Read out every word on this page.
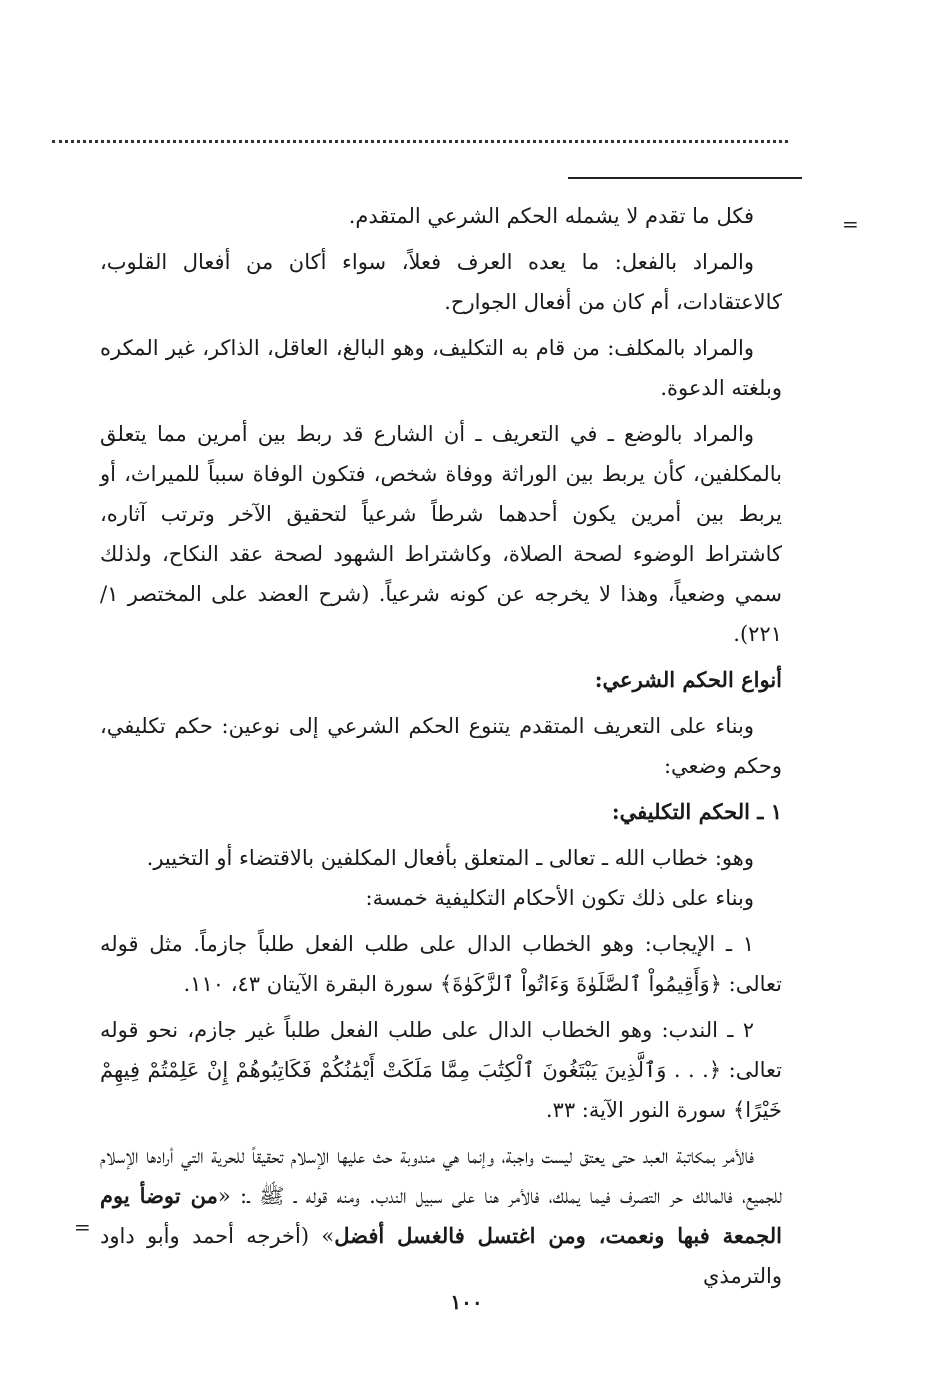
=

فكل ما تقدم لا يشمله الحكم الشرعي المتقدم.

والمراد بالفعل: ما يعده العرف فعلاً، سواء أكان من أفعال القلوب، كالاعتقادات، أم كان من أفعال الجوارح.

والمراد بالمكلف: من قام به التكليف، وهو البالغ، العاقل، الذاكر، غير المكره وبلغته الدعوة.

والمراد بالوضع ـ في التعريف ـ أن الشارع قد ربط بين أمرين مما يتعلق بالمكلفين، كأن يربط بين الوراثة ووفاة شخص، فتكون الوفاة سبباً للميراث، أو يربط بين أمرين يكون أحدهما شرطاً شرعياً لتحقيق الآخر وترتب آثاره، كاشتراط الوضوء لصحة الصلاة، وكاشتراط الشهود لصحة عقد النكاح، ولذلك سمي وضعياً، وهذا لا يخرجه عن كونه شرعياً. (شرح العضد على المختصر ١/ ٢٢١).

أنواع الحكم الشرعي:

وبناء على التعريف المتقدم يتنوع الحكم الشرعي إلى نوعين: حكم تكليفي، وحكم وضعي:

١ ـ الحكم التكليفي:

وهو: خطاب الله ـ تعالى ـ المتعلق بأفعال المكلفين بالاقتضاء أو التخيير.

وبناء على ذلك تكون الأحكام التكليفية خمسة:

١ ـ الإيجاب: وهو الخطاب الدال على طلب الفعل طلباً جازماً. مثل قوله تعالى: ﴿وَأَقِيمُواْ ٱلصَّلَوٰةَ وَءَاتُواْ ٱلزَّكَوٰةَ﴾ سورة البقرة الآيتان ٤٣، ١١٠.

٢ ـ الندب: وهو الخطاب الدال على طلب الفعل طلباً غير جازم، نحو قوله تعالى: ﴿. . . وَٱلَّذِينَ يَبْتَغُونَ ٱلْكِتَٰبَ مِمَّا مَلَكَتْ أَيْمَٰنُكُمْ فَكَاتِبُوهُمْ إِنْ عَلِمْتُمْ فِيهِمْ خَيْرًا﴾ سورة النور الآية: ٣٣.

فالأمر بمكاتبة العبد حتى يعتق ليست واجبة، وإنما هي مندوبة حث عليها الإسلام تحقيقاً للحرية التي أرادها الإسلام للجميع، فالمالك حر التصرف فيما يملك، فالأمر هنا على سبيل الندب. ومنه قوله ـ ﷺ ـ: «من توضأ يوم الجمعة فبها ونعمت، ومن اغتسل فالغسل أفضل» (أخرجه أحمد وأبو داود والترمذي

=
١٠٠
